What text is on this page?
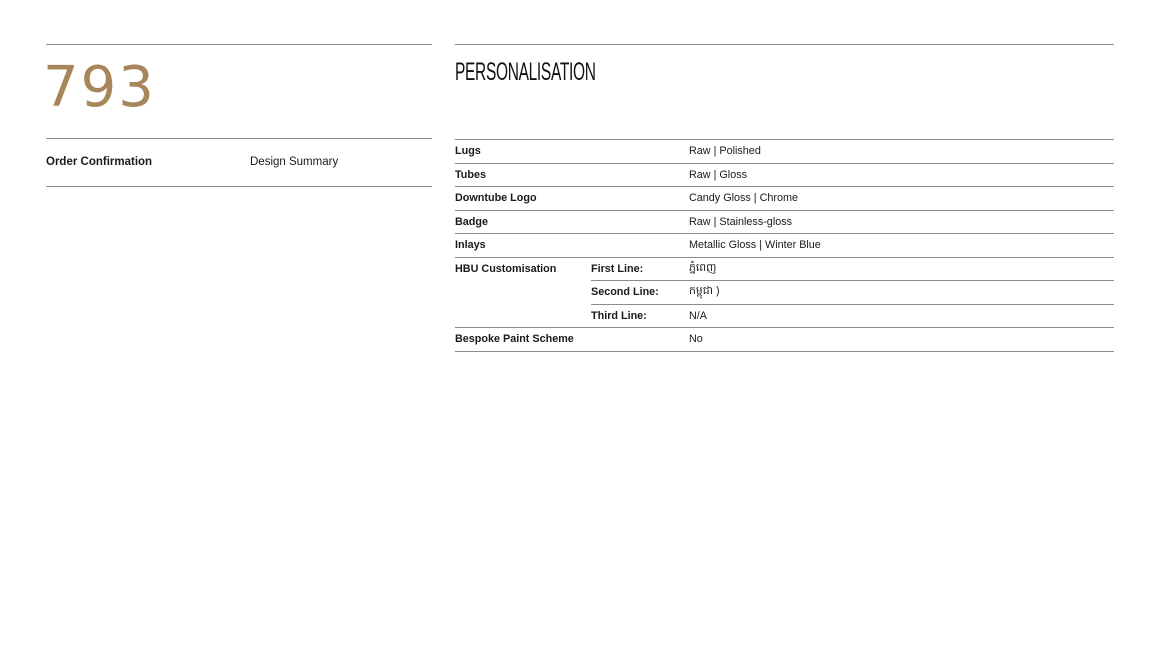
793
Order Confirmation	Design Summary
PERSONALISATION
Lugs		Raw | Polished
Tubes		Raw | Gloss
Downtube Logo		Candy Gloss | Chrome
Badge		Raw | Stainless-gloss
Inlays		Metallic Gloss | Winter Blue
HBU Customisation	First Line:	ភ្នំពេញ
	Second Line:	កម្ពុជា )
	Third Line:	N/A
Bespoke Paint Scheme		No
